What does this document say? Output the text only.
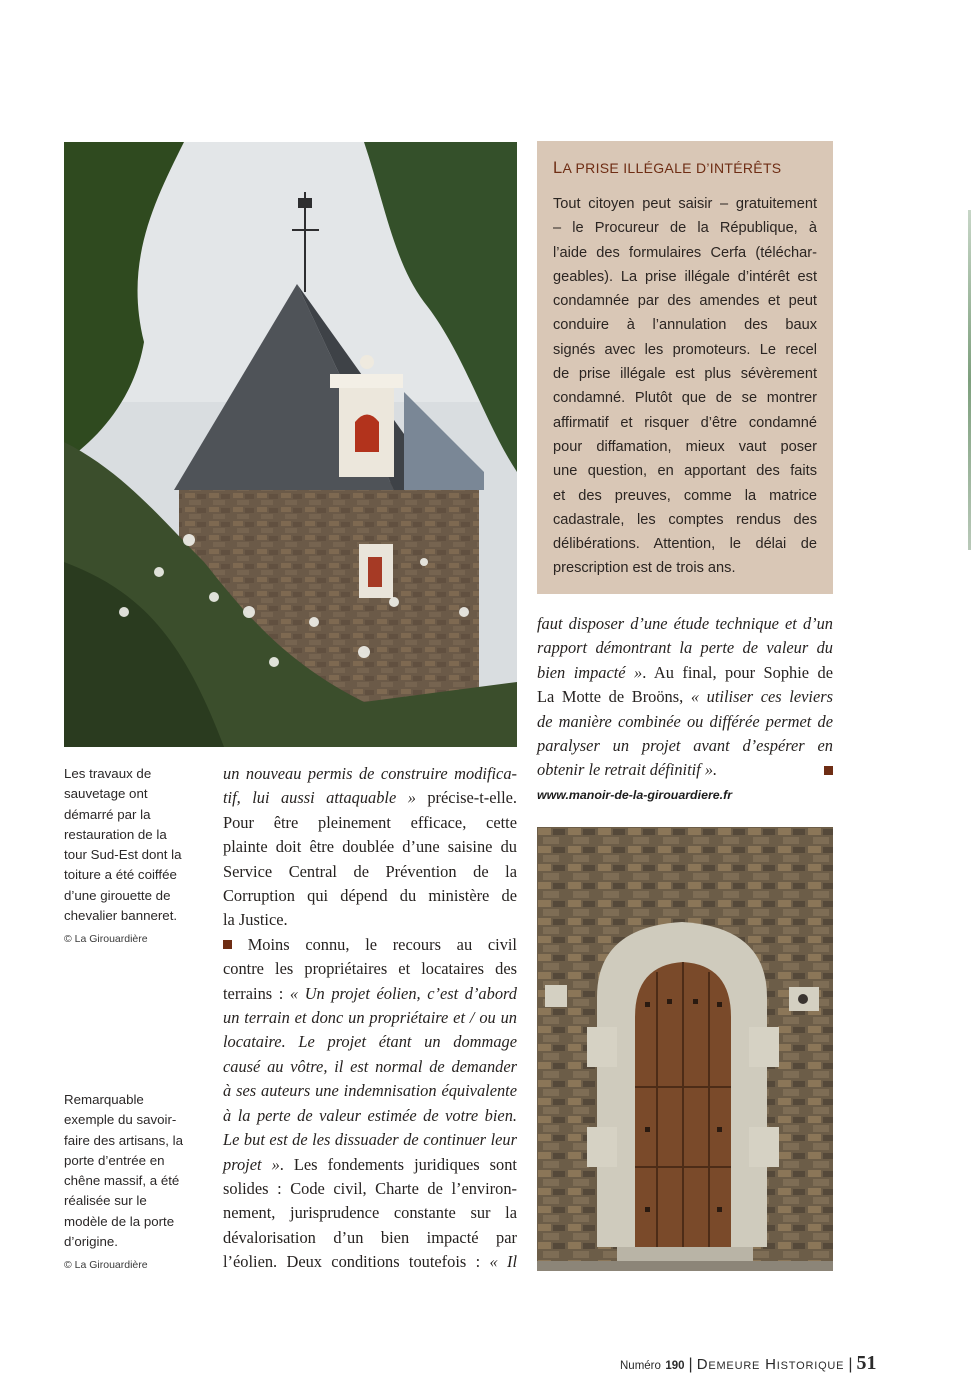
LA PRISE ILLÉGALE D’INTÉRÊTS

Tout citoyen peut saisir – gratuitement

– le Procureur de la République, à

l’aide des formulaires Cerfa (téléchar-

geables). La prise illégale d’intérêt est

condamnée par des amendes et peut

conduire à l’annulation des baux

signés avec les promoteurs. Le recel

de prise illégale est plus sévèrement

condamné. Plutôt que de se montrer

affirmatif et risquer d’être condamné

pour diffamation, mieux vaut poser

une question, en apportant des faits

et des preuves, comme la matrice

cadastrale, les comptes rendus des

délibérations. Attention, le délai de

prescription est de trois ans.

faut disposer d’une étude technique et d’un
rapport démontrant la perte de valeur du
bien impacté ». Au final, pour Sophie de
La Motte de Broöns, « utiliser ces leviers
de manière combinée ou différée permet de
paralyser un projet avant d’espérer en
obtenir le retrait définitif ».
www.manoir-de-la-girouardiere.fr
Les travaux de
sauvetage ont
démarré par la
restauration de la
tour Sud-Est dont la
toiture a été coiffée
d’une girouette de
chevalier banneret.
© La Girouardière
Remarquable
exemple du savoir-
faire des artisans, la
porte d’entrée en
chêne massif, a été
réalisée sur le
modèle de la porte
d’origine.
© La Girouardière
un nouveau permis de construire modifica-
tif, lui aussi attaquable » précise-t-elle.
Pour être pleinement efficace, cette
plainte doit être doublée d’une saisine du
Service Central de Prévention de la
Corruption qui dépend du ministère de
la Justice.
Moins connu, le recours au civil
contre les propriétaires et locataires des
terrains : « Un projet éolien, c’est d’abord
un terrain et donc un propriétaire et / ou un
locataire. Le projet étant un dommage
causé au vôtre, il est normal de demander
à ses auteurs une indemnisation équivalente
à la perte de valeur estimée de votre bien.
Le but est de les dissuader de continuer leur
projet ». Les fondements juridiques sont
solides : Code civil, Charte de l’environ-
nement, jurisprudence constante sur la
dévalorisation d’un bien impacté par
l’éolien. Deux conditions toutefois : « Il
Numéro 190 | Demeure Historique | 51
